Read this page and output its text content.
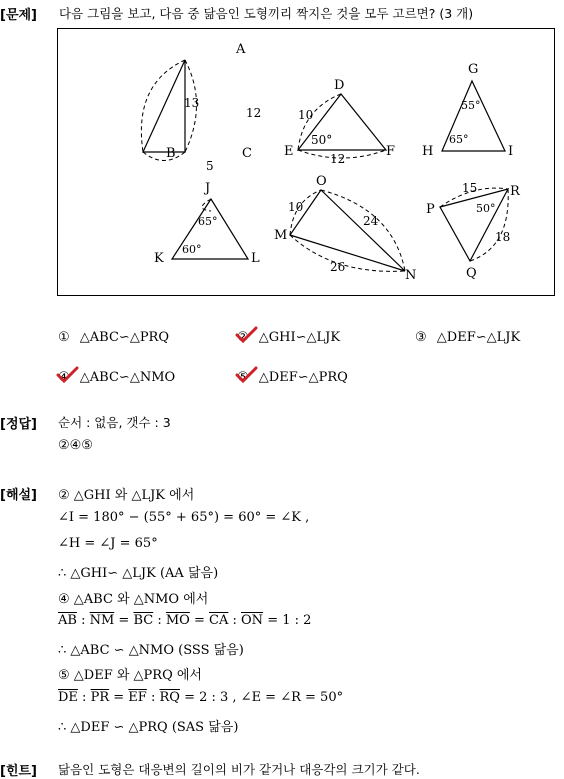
[문제] 다음 그림을 보고, 다음 중 닮음인 도형끼리 짝지은 것을 모두 고르면? (3 개)
A
B	C
13
12
5
D
E	F
10
50°
12
G
H	I
55°
65°
J
K	L
65°
60°
O
M
N
10
24
26
R
P
Q
15
50°
18
① △ABC∽△PRQ	② △GHI∽△LJK	③ △DEF∽△LJK
④ △ABC∽△NMO	⑤ △DEF∽△PRQ
[정답] 순서 : 없음, 갯수 : 3
②④⑤
[해설] ② △GHI 와 △LJK 에서
∠I = 180° − (55° + 65°) = 60° = ∠K ,
∠H = ∠J = 65°
∴ △GHI∽ △LJK (AA 닮음)
④ △ABC 와 △NMO 에서
$\overline{AB}$ : $\overline{NM} = \overline{BC}$ : $\overline{MO} = \overline{CA}$ : $\overline{ON} = 1$ : 2
∴ △ABC ∽ △NMO (SSS 닮음)
⑤ △DEF 와 △PRQ 에서
$\overline{DE}$ : $\overline{PR} = \overline{EF}$ : $\overline{RQ} = 2$ : 3 , ∠E = ∠R = 50°
∴ △DEF ∽ △PRQ (SAS 닮음)
[힌트] 닮음인 도형은 대응변의 길이의 비가 같거나 대응각의 크기가 같다.
